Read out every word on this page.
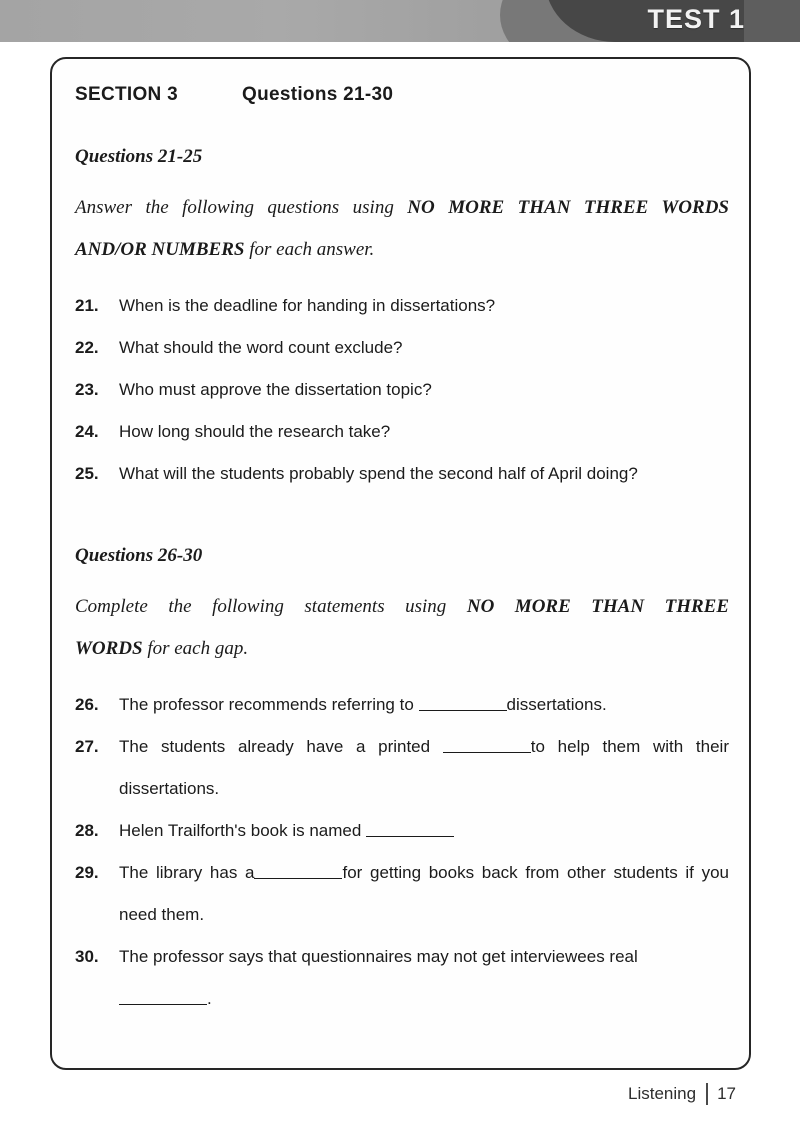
TEST 1
SECTION 3	Questions 21-30
Questions 21-25
Answer the following questions using NO MORE THAN THREE WORDS
AND/OR NUMBERS for each answer.
21.	When is the deadline for handing in dissertations?
22.	What should the word count exclude?
23.	Who must approve the dissertation topic?
24.	How long should the research take?
25.	What will the students probably spend the second half of April doing?
Questions 26-30
Complete the following statements using NO MORE THAN THREE
WORDS for each gap.
26.	The professor recommends referring to	dissertations.
27.	The students already have a printed	to help them with their
dissertations.
28.	Helen Trailforth's book is named
29.	The library has a	for getting books back from other students if you
need them.
30.	The professor says that questionnaires may not get interviewees real .
Listening 17
